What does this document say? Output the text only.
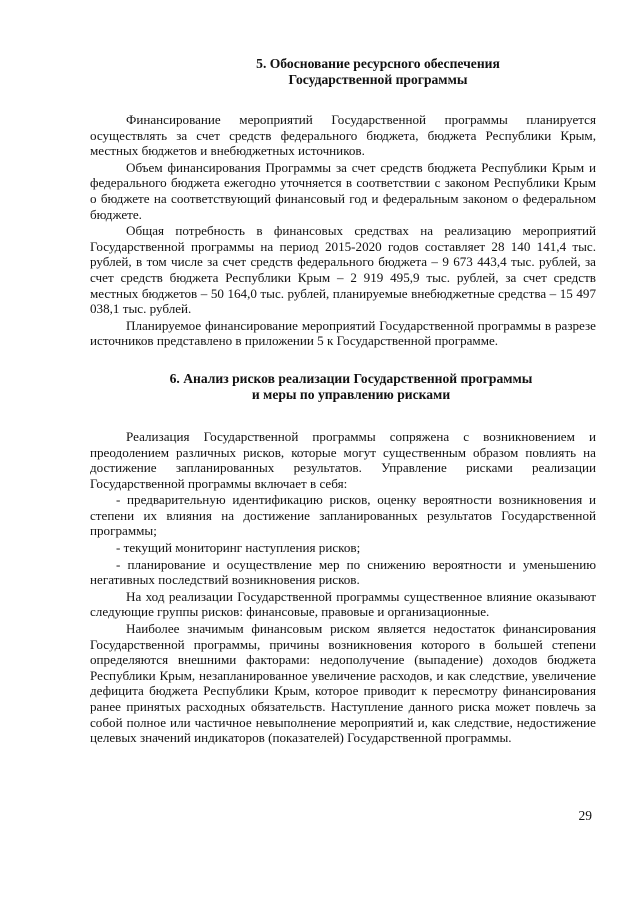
5. Обоснование ресурсного обеспечения
Государственной программы

Финансирование мероприятий Государственной программы планируется осуществлять за счет средств федерального бюджета, бюджета Республики Крым, местных бюджетов и внебюджетных источников.

Объем финансирования Программы за счет средств бюджета Республики Крым и федерального бюджета ежегодно уточняется в соответствии с законом Республики Крым о бюджете на соответствующий финансовый год и федеральным законом о федеральном бюджете.

Общая потребность в финансовых средствах на реализацию мероприятий Государственной программы на период 2015-2020 годов составляет 28 140 141,4 тыс. рублей, в том числе за счет средств федерального бюджета – 9 673 443,4 тыс. рублей, за счет средств бюджета Республики Крым – 2 919 495,9 тыс. рублей, за счет средств местных бюджетов – 50 164,0 тыс. рублей, планируемые внебюджетные средства – 15 497 038,1 тыс. рублей.

Планируемое финансирование мероприятий Государственной программы в разрезе источников представлено в приложении 5 к Государственной программе.

6. Анализ рисков реализации Государственной программы
и меры по управлению рисками

Реализация Государственной программы сопряжена с возникновением и преодолением различных рисков, которые могут существенным образом повлиять на достижение запланированных результатов. Управление рисками реализации Государственной программы включает в себя:

- предварительную идентификацию рисков, оценку вероятности возникновения и степени их влияния на достижение запланированных результатов Государственной программы;

- текущий мониторинг наступления рисков;

- планирование и осуществление мер по снижению вероятности и уменьшению негативных последствий возникновения рисков.

На ход реализации Государственной программы существенное влияние оказывают следующие группы рисков: финансовые, правовые и организационные.

Наиболее значимым финансовым риском является недостаток финансирования Государственной программы, причины возникновения которого в большей степени определяются внешними факторами: недополучение (выпадение) доходов бюджета Республики Крым, незапланированное увеличение расходов, и как следствие, увеличение дефицита бюджета Республики Крым, которое приводит к пересмотру финансирования ранее принятых расходных обязательств. Наступление данного риска может повлечь за собой полное или частичное невыполнение мероприятий и, как следствие, недостижение целевых значений индикаторов (показателей) Государственной программы.

29
